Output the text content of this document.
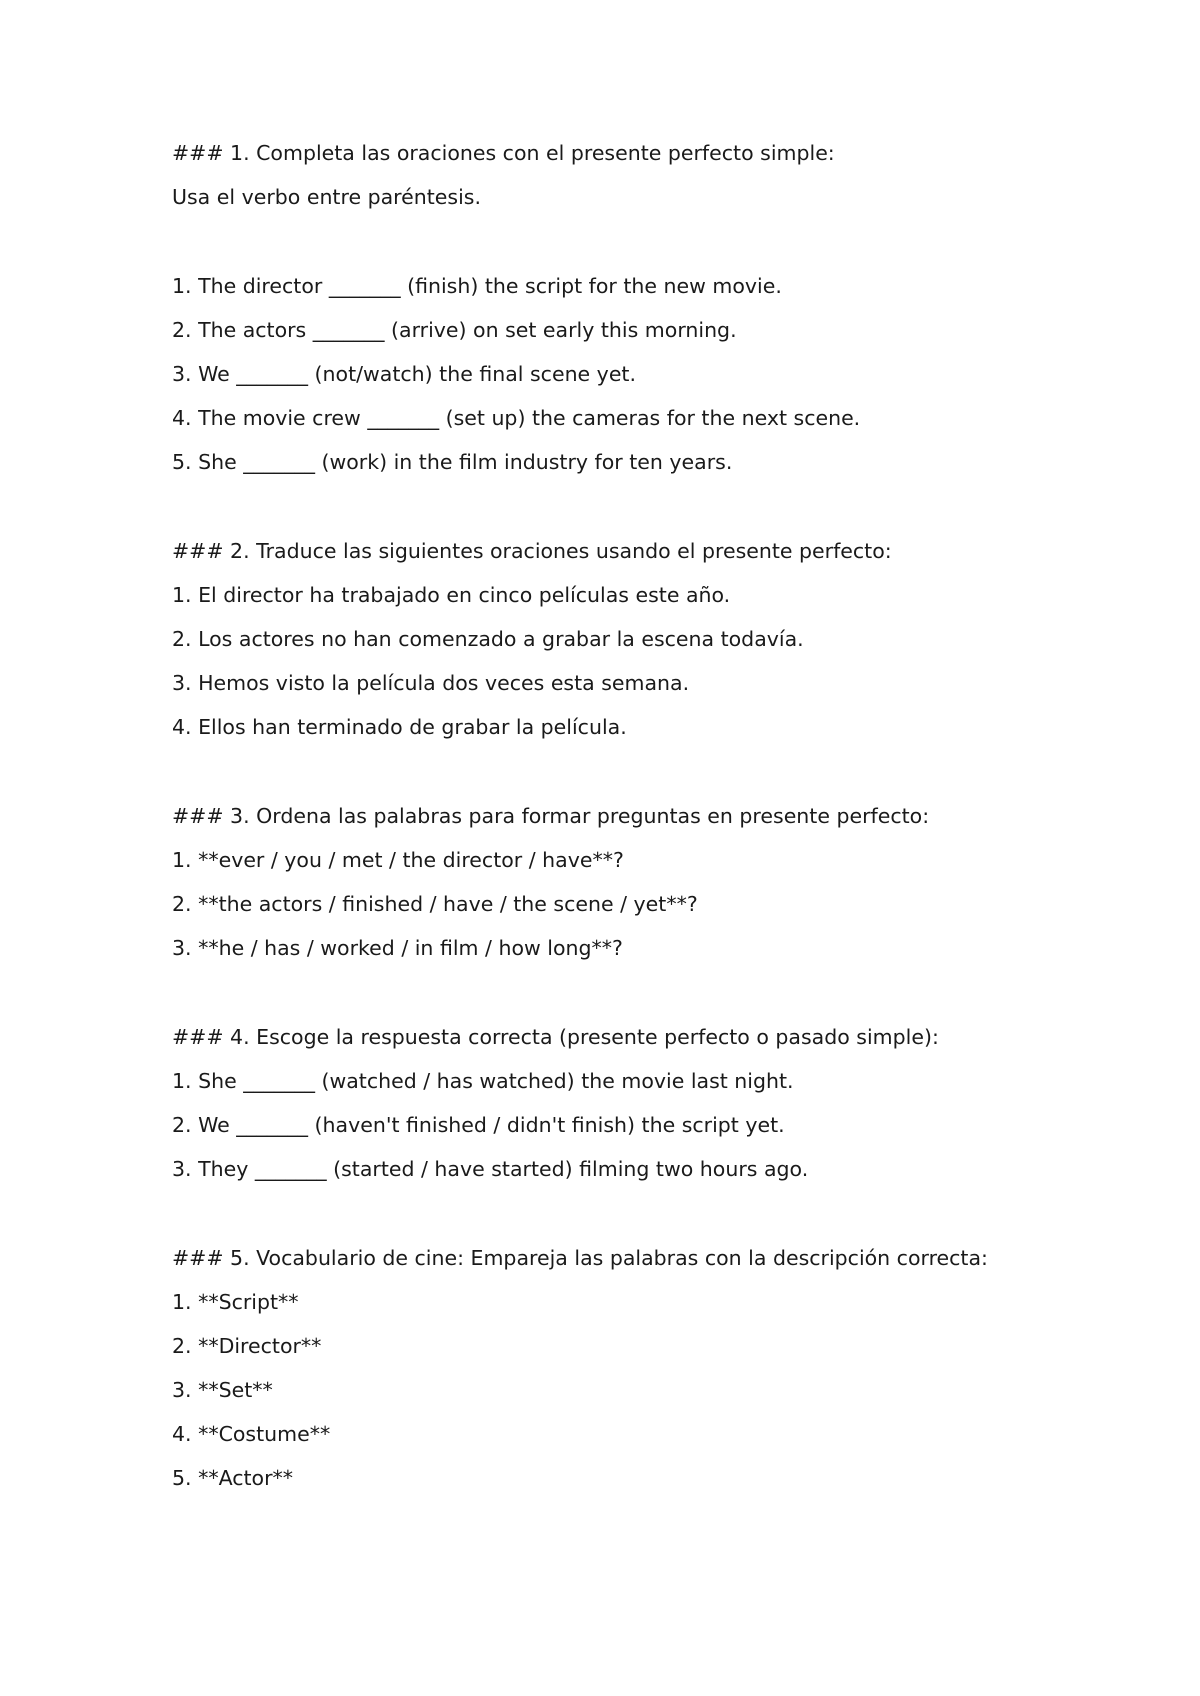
### 1. Completa las oraciones con el presente perfecto simple:
Usa el verbo entre paréntesis.
1. The director _______ (finish) the script for the new movie.
2. The actors _______ (arrive) on set early this morning.
3. We _______ (not/watch) the final scene yet.
4. The movie crew _______ (set up) the cameras for the next scene.
5. She _______ (work) in the film industry for ten years.
### 2. Traduce las siguientes oraciones usando el presente perfecto:
1. El director ha trabajado en cinco películas este año.
2. Los actores no han comenzado a grabar la escena todavía.
3. Hemos visto la película dos veces esta semana.
4. Ellos han terminado de grabar la película.
### 3. Ordena las palabras para formar preguntas en presente perfecto:
1. **ever / you / met / the director / have**?
2. **the actors / finished / have / the scene / yet**?
3. **he / has / worked / in film / how long**?
### 4. Escoge la respuesta correcta (presente perfecto o pasado simple):
1. She _______ (watched / has watched) the movie last night.
2. We _______ (haven't finished / didn't finish) the script yet.
3. They _______ (started / have started) filming two hours ago.
### 5. Vocabulario de cine: Empareja las palabras con la descripción correcta:
1. **Script**
2. **Director**
3. **Set**
4. **Costume**
5. **Actor**
